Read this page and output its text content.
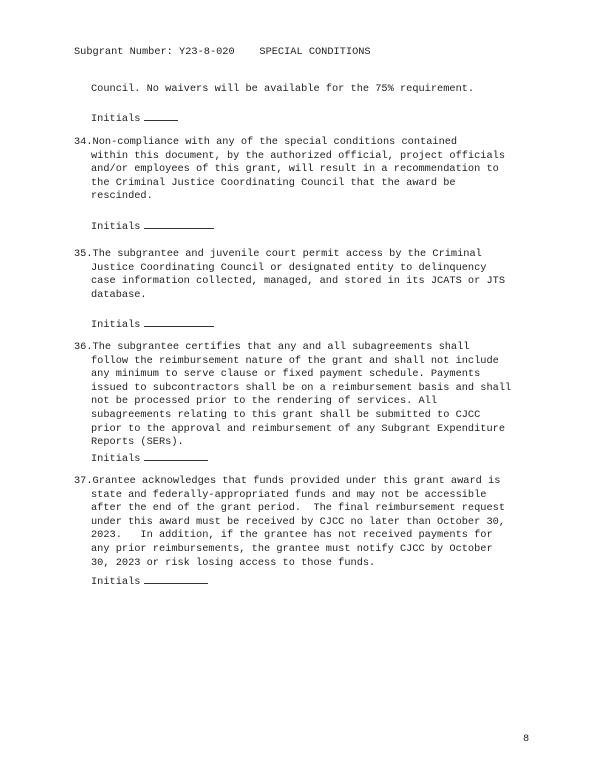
Subgrant Number: Y23-8-020 SPECIAL CONDITIONS
Council. No waivers will be available for the 75% requirement.
Initials
34.Non-compliance with any of the special conditions contained
within this document, by the authorized official, project officials
and/or employees of this grant, will result in a recommendation to
the Criminal Justice Coordinating Council that the award be
rescinded.
Initials
35.The subgrantee and juvenile court permit access by the Criminal
Justice Coordinating Council or designated entity to delinquency
case information collected, managed, and stored in its JCATS or JTS
database.
Initials
36.The subgrantee certifies that any and all subagreements shall
follow the reimbursement nature of the grant and shall not include
any minimum to serve clause or fixed payment schedule. Payments
issued to subcontractors shall be on a reimbursement basis and shall
not be processed prior to the rendering of services. All
subagreements relating to this grant shall be submitted to CJCC
prior to the approval and reimbursement of any Subgrant Expenditure
Reports (SERs).
Initials
37.Grantee acknowledges that funds provided under this grant award is
state and federally-appropriated funds and may not be accessible
after the end of the grant period.  The final reimbursement request
under this award must be received by CJCC no later than October 30,
2023.   In addition, if the grantee has not received payments for
any prior reimbursements, the grantee must notify CJCC by October
30, 2023 or risk losing access to those funds.
Initials
8
